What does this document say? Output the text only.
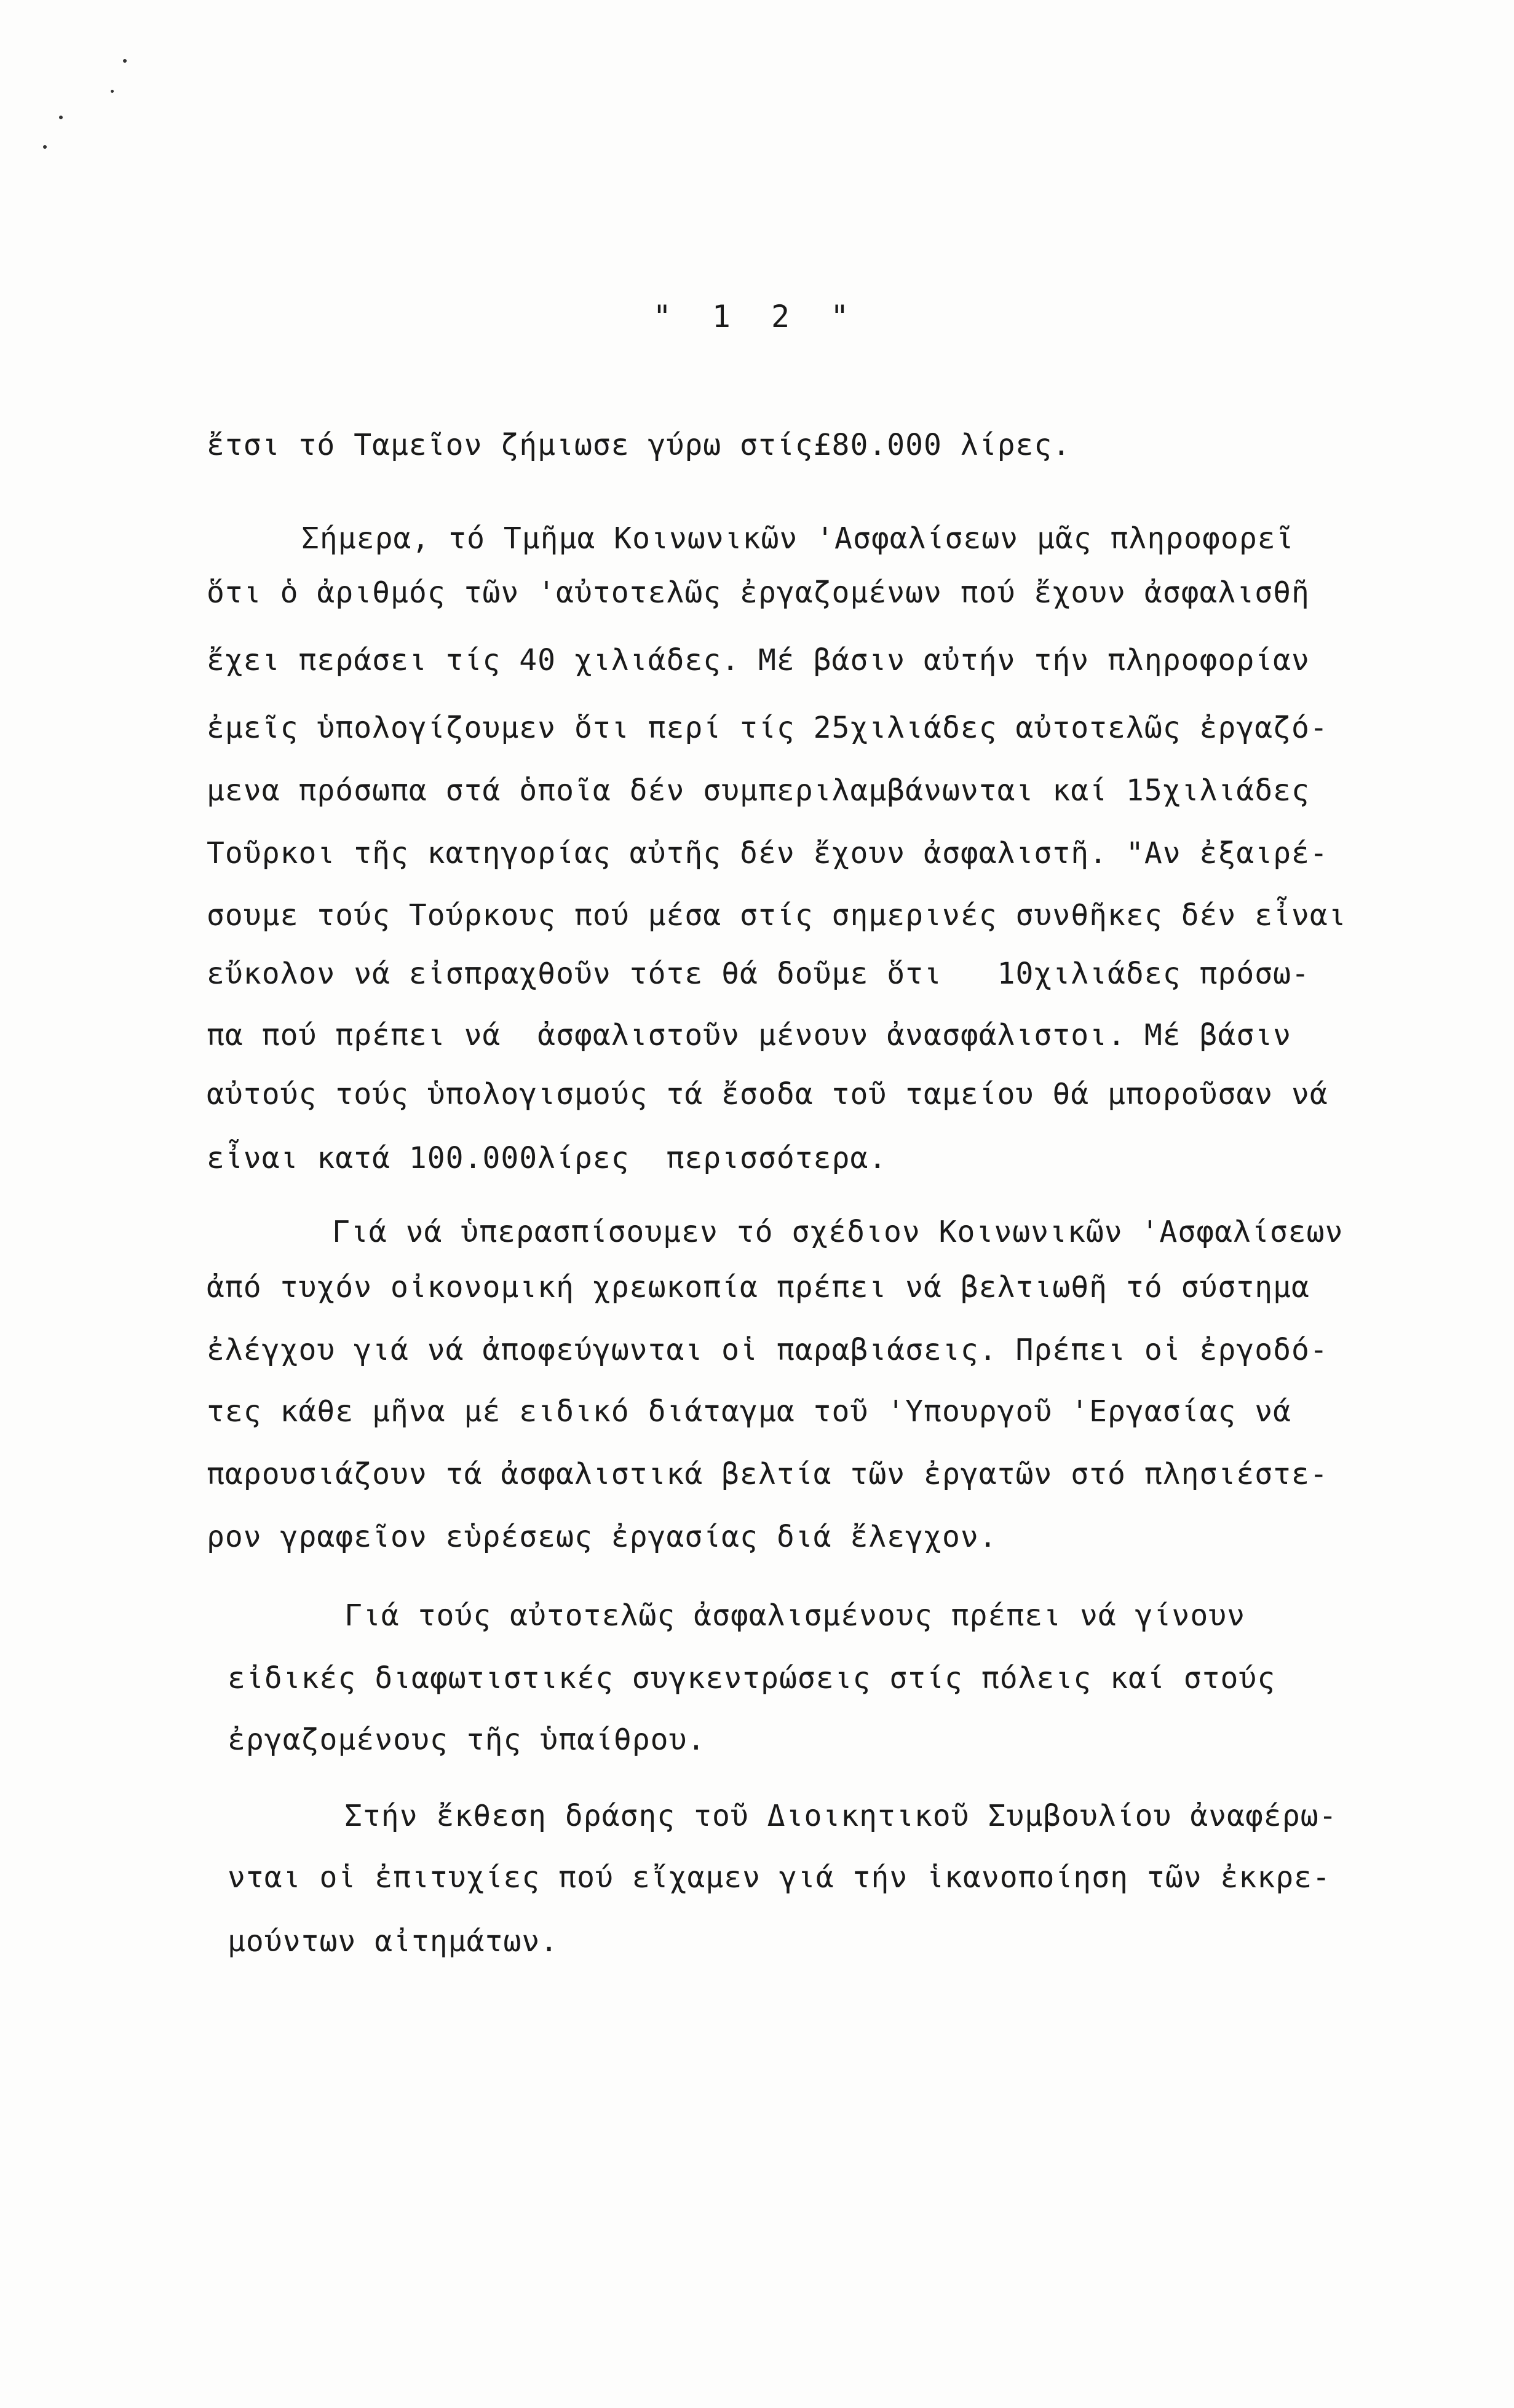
" 1 2 "
ἔτσι τό Ταμεῖον ζήμιωσε γύρω στίς£80.000 λίρες.
Σήμερα, τό Τμῆμα Κοινωνικῶν 'Ασφαλίσεων μᾶς πληροφορεῖ
ὅτι ὁ ἀριθμός τῶν 'αὐτοτελῶς ἐργαζομένων πού ἔχουν ἀσφαλισθῆ
ἔχει περάσει τίς 40 χιλιάδες. Μέ βάσιν αὐτήν τήν πληροφορίαν
ἐμεῖς ὑπολογίζουμεν ὅτι περί τίς 25χιλιάδες αὐτοτελῶς ἐργαζό-
μενα πρόσωπα στά ὁποῖα δέν συμπεριλαμβάνωνται καί 15χιλιάδες
Τοῦρκοι τῆς κατηγορίας αὐτῆς δέν ἔχουν ἀσφαλιστῆ. "Αν ἐξαιρέ-
σουμε τούς Τούρκους πού μέσα στίς σημερινές συνθῆκες δέν εἶναι
εὔκολον νά εἰσπραχθοῦν τότε θά δοῦμε ὅτι   10χιλιάδες πρόσω-
πα πού πρέπει νά  ἀσφαλιστοῦν μένουν ἀνασφάλιστοι. Μέ βάσιν
αὐτούς τούς ὑπολογισμούς τά ἔσοδα τοῦ ταμείου θά μποροῦσαν νά
εἶναι κατά 100.000λίρες  περισσότερα.
Γιά νά ὑπερασπίσουμεν τό σχέδιον Κοινωνικῶν 'Ασφαλίσεων
ἀπό τυχόν οἰκονομική χρεωκοπία πρέπει νά βελτιωθῆ τό σύστημα
ἐλέγχου γιά νά ἀποφεύγωνται οἱ παραβιάσεις. Πρέπει οἱ ἐργοδό-
τες κάθε μῆνα μέ ειδικό διάταγμα τοῦ 'Υπουργοῦ 'Εργασίας νά
παρουσιάζουν τά ἀσφαλιστικά βελτία τῶν ἐργατῶν στό πλησιέστε-
ρον γραφεῖον εὑρέσεως ἐργασίας διά ἔλεγχον.
Γιά τούς αὐτοτελῶς ἀσφαλισμένους πρέπει νά γίνουν
εἰδικές διαφωτιστικές συγκεντρώσεις στίς πόλεις καί στούς
ἐργαζομένους τῆς ὑπαίθρου.
Στήν ἔκθεση δράσης τοῦ Διοικητικοῦ Συμβουλίου ἀναφέρω-
νται οἱ ἐπιτυχίες πού εἴχαμεν γιά τήν ἱκανοποίηση τῶν ἐκκρε-
μούντων αἰτημάτων.
